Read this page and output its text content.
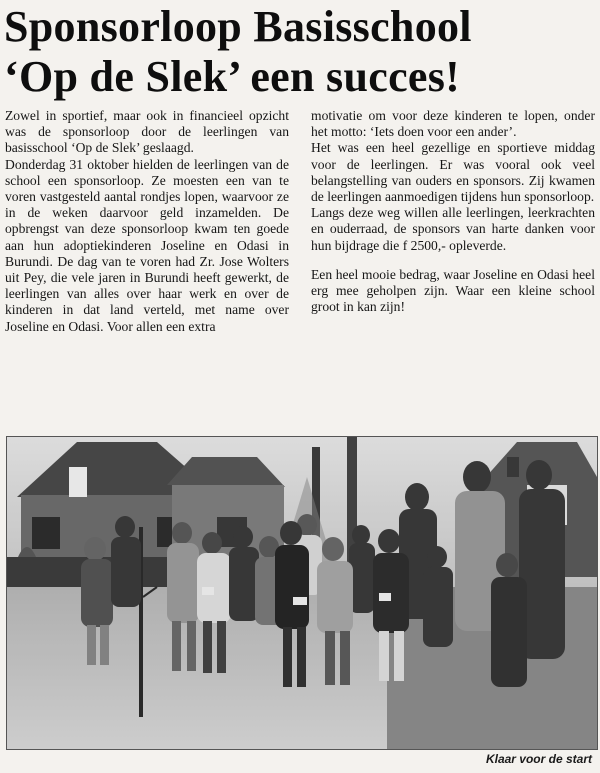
Sponsorloop Basisschool
‘Op de Slek’ een succes!

Zowel in sportief, maar ook in financieel opzicht was de sponsorloop door de leerlingen van basisschool ‘Op de Slek’ geslaagd.

Donderdag 31 oktober hielden de leerlingen van de school een sponsorloop. Ze moesten een van te voren vastgesteld aantal rondjes lopen, waarvoor ze in de weken daarvoor geld inzamelden. De opbrengst van deze sponsorloop kwam ten goede aan hun adoptiekinderen Joseline en Odasi in Burundi. De dag van te voren had Zr. Jose Wolters uit Pey, die vele jaren in Burundi heeft gewerkt, de leerlingen van alles over haar werk en over de kinderen in dat land verteld, met name over Joseline en Odasi. Voor allen een extra

motivatie om voor deze kinderen te lopen, onder het motto: ‘Iets doen voor een ander’.

Het was een heel gezellige en sportieve middag voor de leerlingen. Er was vooral ook veel belangstelling van ouders en sponsors. Zij kwamen de leerlingen aanmoedigen tijdens hun sponsorloop.

Langs deze weg willen alle leerlingen, leerkrachten en ouderraad, de sponsors van harte danken voor hun bijdrage die f 2500,- opleverde.

Een heel mooie bedrag, waar Joseline en Odasi heel erg mee geholpen zijn. Waar een kleine school groot in kan zijn!

Klaar voor de start
